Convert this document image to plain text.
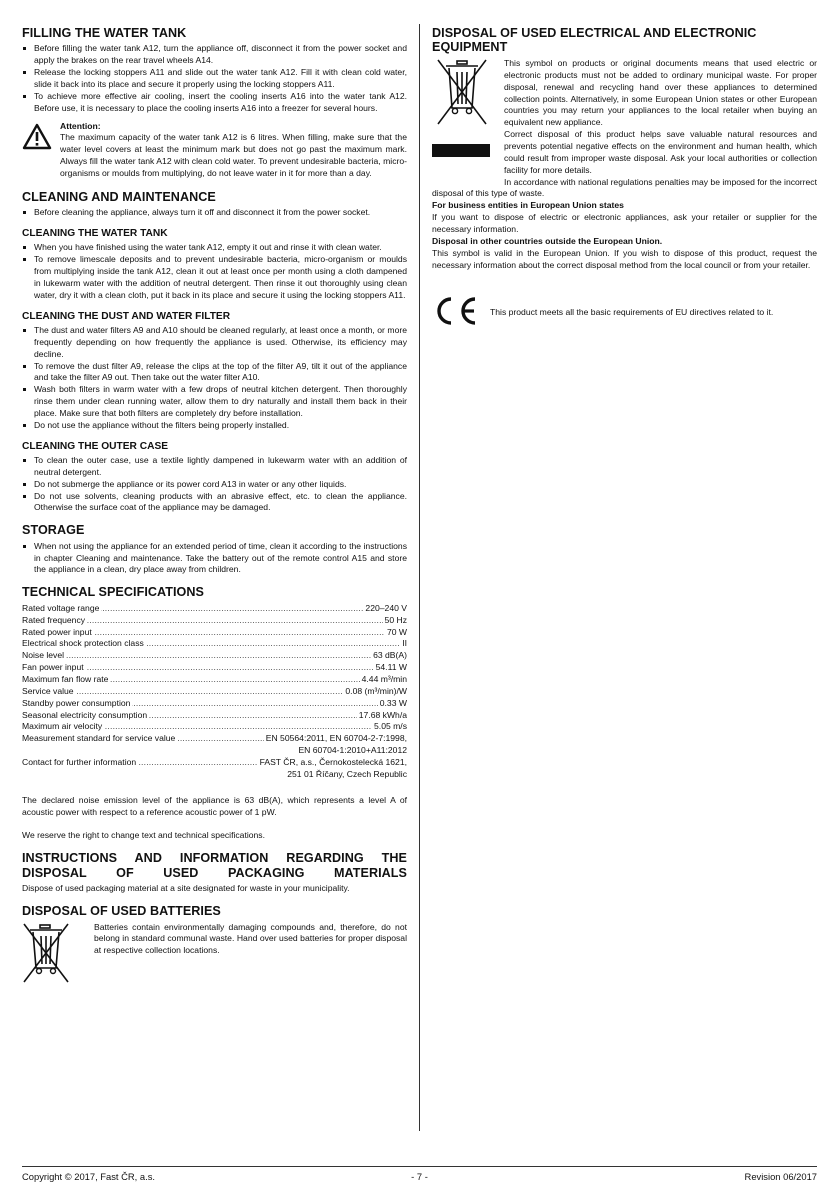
FILLING THE WATER TANK
Before filling the water tank A12, turn the appliance off, disconnect it from the power socket and apply the brakes on the rear travel wheels A14.
Release the locking stoppers A11 and slide out the water tank A12. Fill it with clean cold water, slide it back into its place and secure it properly using the locking stoppers A11.
To achieve more effective air cooling, insert the cooling inserts A16 into the water tank A12. Before use, it is necessary to place the cooling inserts A16 into a freezer for several hours.
Attention:

The maximum capacity of the water tank A12 is 6 litres. When filling, make sure that the water level covers at least the minimum mark but does not go past the maximum mark. Always fill the water tank A12 with clean cold water. To prevent undesirable bacteria, micro-organisms or moulds from multiplying, do not leave water in it for more than a day.

CLEANING AND MAINTENANCE
Before cleaning the appliance, always turn it off and disconnect it from the power socket.
CLEANING THE WATER TANK
When you have finished using the water tank A12, empty it out and rinse it with clean water.
To remove limescale deposits and to prevent undesirable bacteria, micro-organism or moulds from multiplying inside the tank A12, clean it out at least once per month using a cloth dampened in lukewarm water with the addition of neutral detergent. Then rinse it out thoroughly using clean water, dry it with a clean cloth, put it back in its place and secure it using the locking stoppers A11.
CLEANING THE DUST AND WATER FILTER
The dust and water filters A9 and A10 should be cleaned regularly, at least once a month, or more frequently depending on how frequently the appliance is used. Otherwise, its efficiency may decline.
To remove the dust filter A9, release the clips at the top of the filter A9, tilt it out of the appliance and take the filter A9 out. Then take out the water filter A10.
Wash both filters in warm water with a few drops of neutral kitchen detergent. Then thoroughly rinse them under clean running water, allow them to dry naturally and install them back in their place. Make sure that both filters are completely dry before installation.
Do not use the appliance without the filters being properly installed.
CLEANING THE OUTER CASE
To clean the outer case, use a textile lightly dampened in lukewarm water with an addition of neutral detergent.
Do not submerge the appliance or its power cord A13 in water or any other liquids.
Do not use solvents, cleaning products with an abrasive effect, etc. to clean the appliance. Otherwise the surface coat of the appliance may be damaged.
STORAGE
When not using the appliance for an extended period of time, clean it according to the instructions in chapter Cleaning and maintenance. Take the battery out of the remote control A15 and store the appliance in a clean, dry place away from children.
TECHNICAL SPECIFICATIONS
Rated voltage range	220–240 V
.....
Rated frequency	50 Hz
.....
Rated power input	70 W
.....
Electrical shock protection class	II
.....
Noise level	63 dB(A)
.....
Fan power input	54.11 W
.....
Maximum fan flow rate	4.44 m³/min
.....
Service value	0.08 (m³/min)/W
.....
Standby power consumption	0.33 W
.....
Seasonal electricity consumption	17.68 kWh/a
.....
Maximum air velocity	5.05 m/s
.....
Measurement standard for service value	EN 50564:2011, EN 60704-2-7:1998,
.....
EN 60704-1:2010+A11:2012
Contact for further information	FAST ČR, a.s., Černokostelecká 1621,
.....
251 01 Říčany, Czech Republic

The declared noise emission level of the appliance is 63 dB(A), which represents a level A of acoustic power with respect to a reference acoustic power of 1 pW.

We reserve the right to change text and technical specifications.

INSTRUCTIONS AND INFORMATION REGARDING THE DISPOSAL OF USED PACKAGING MATERIALS

Dispose of used packaging material at a site designated for waste in your municipality.

DISPOSAL OF USED BATTERIES

Batteries contain environmentally damaging compounds and, therefore, do not belong in standard communal waste. Hand over used batteries for proper disposal at respective collection locations.

DISPOSAL OF USED ELECTRICAL AND ELECTRONIC EQUIPMENT

This symbol on products or original documents means that used electric or electronic products must not be added to ordinary municipal waste. For proper disposal, renewal and recycling hand over these appliances to determined collection points. Alternatively, in some European Union states or other European countries you may return your appliances to the local retailer when buying an equivalent new appliance.

Correct disposal of this product helps save valuable natural resources and prevents potential negative effects on the environment and human health, which could result from improper waste disposal. Ask your local authorities or collection facility for more details.

In accordance with national regulations penalties may be imposed for the incorrect disposal of this type of waste.

For business entities in European Union states

If you want to dispose of electric or electronic appliances, ask your retailer or supplier for the necessary information.

Disposal in other countries outside the European Union.

This symbol is valid in the European Union. If you wish to dispose of this product, request the necessary information about the correct disposal method from the local council or from your retailer.

This product meets all the basic requirements of EU directives related to it.

Copyright © 2017, Fast ČR, a.s.	- 7 -	Revision 06/2017
